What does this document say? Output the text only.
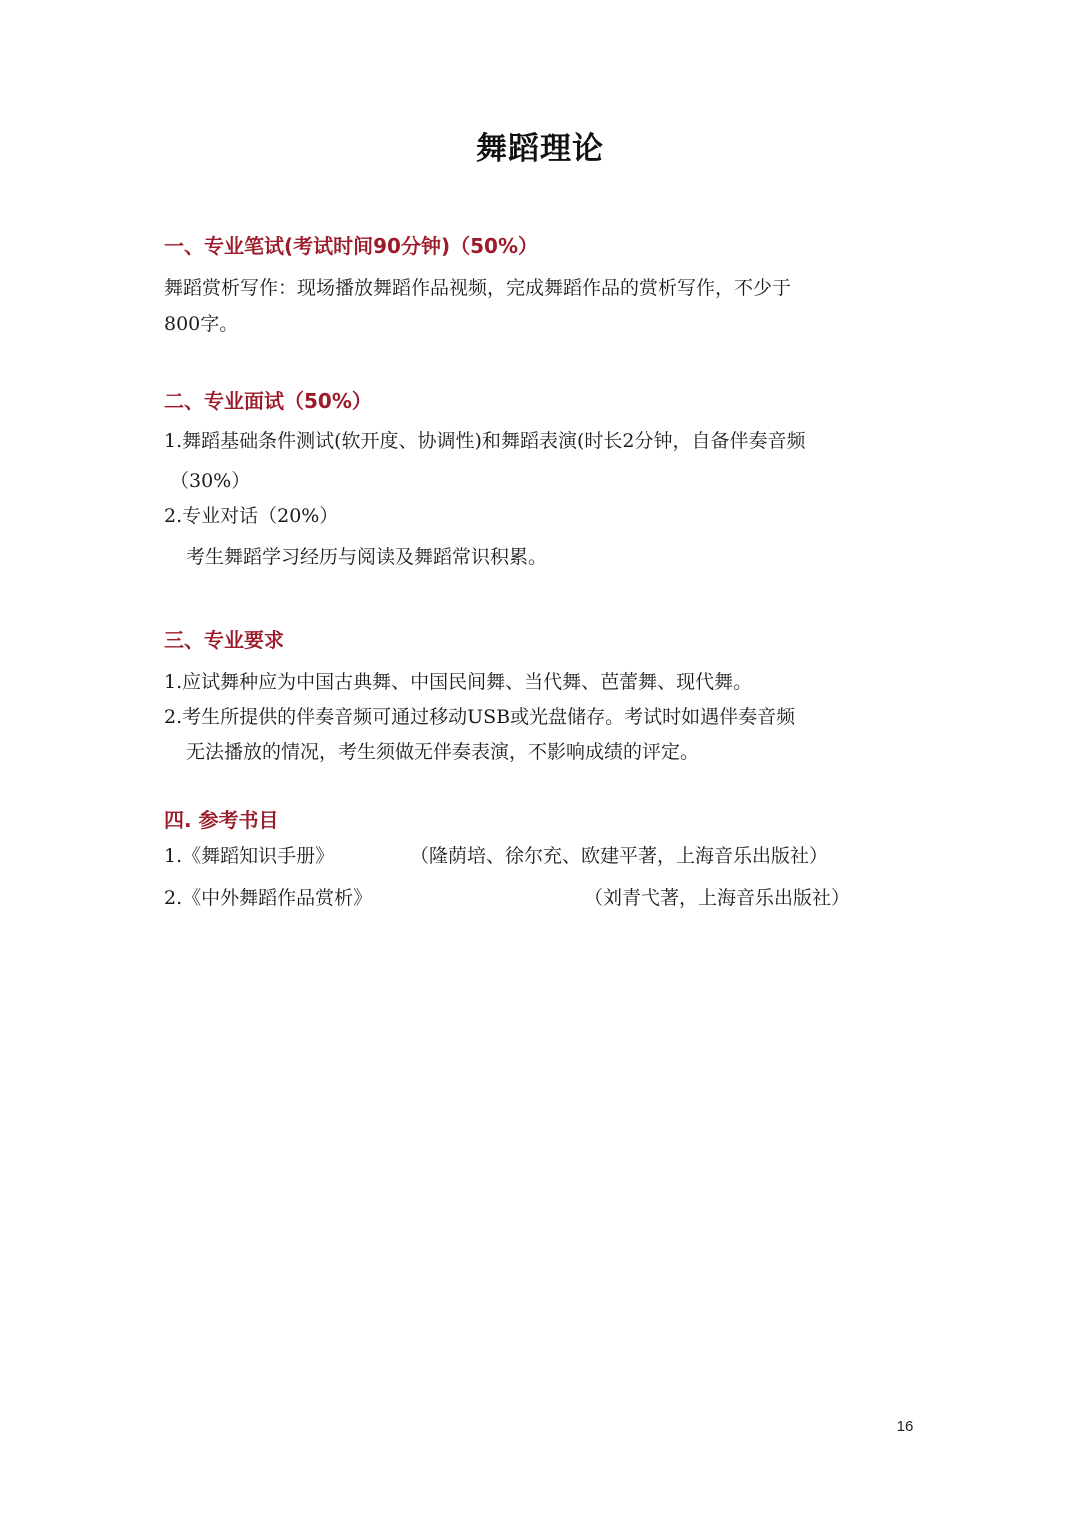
舞蹈理论
一、专业笔试(考试时间90分钟)（50%）
舞蹈赏析写作：现场播放舞蹈作品视频，完成舞蹈作品的赏析写作，不少于
800字。
二、专业面试（50%）
1.舞蹈基础条件测试(软开度、协调性)和舞蹈表演(时长2分钟，自备伴奏音频
（30%）
2.专业对话（20%）
考生舞蹈学习经历与阅读及舞蹈常识积累。
三、专业要求
1.应试舞种应为中国古典舞、中国民间舞、当代舞、芭蕾舞、现代舞。
2.考生所提供的伴奏音频可通过移动USB或光盘储存。考试时如遇伴奏音频
无法播放的情况，考生须做无伴奏表演，不影响成绩的评定。
四. 参考书目
1.《舞蹈知识手册》	（隆荫培、徐尔充、欧建平著，上海音乐出版社）
2.《中外舞蹈作品赏析》	（刘青弋著，上海音乐出版社）
16
